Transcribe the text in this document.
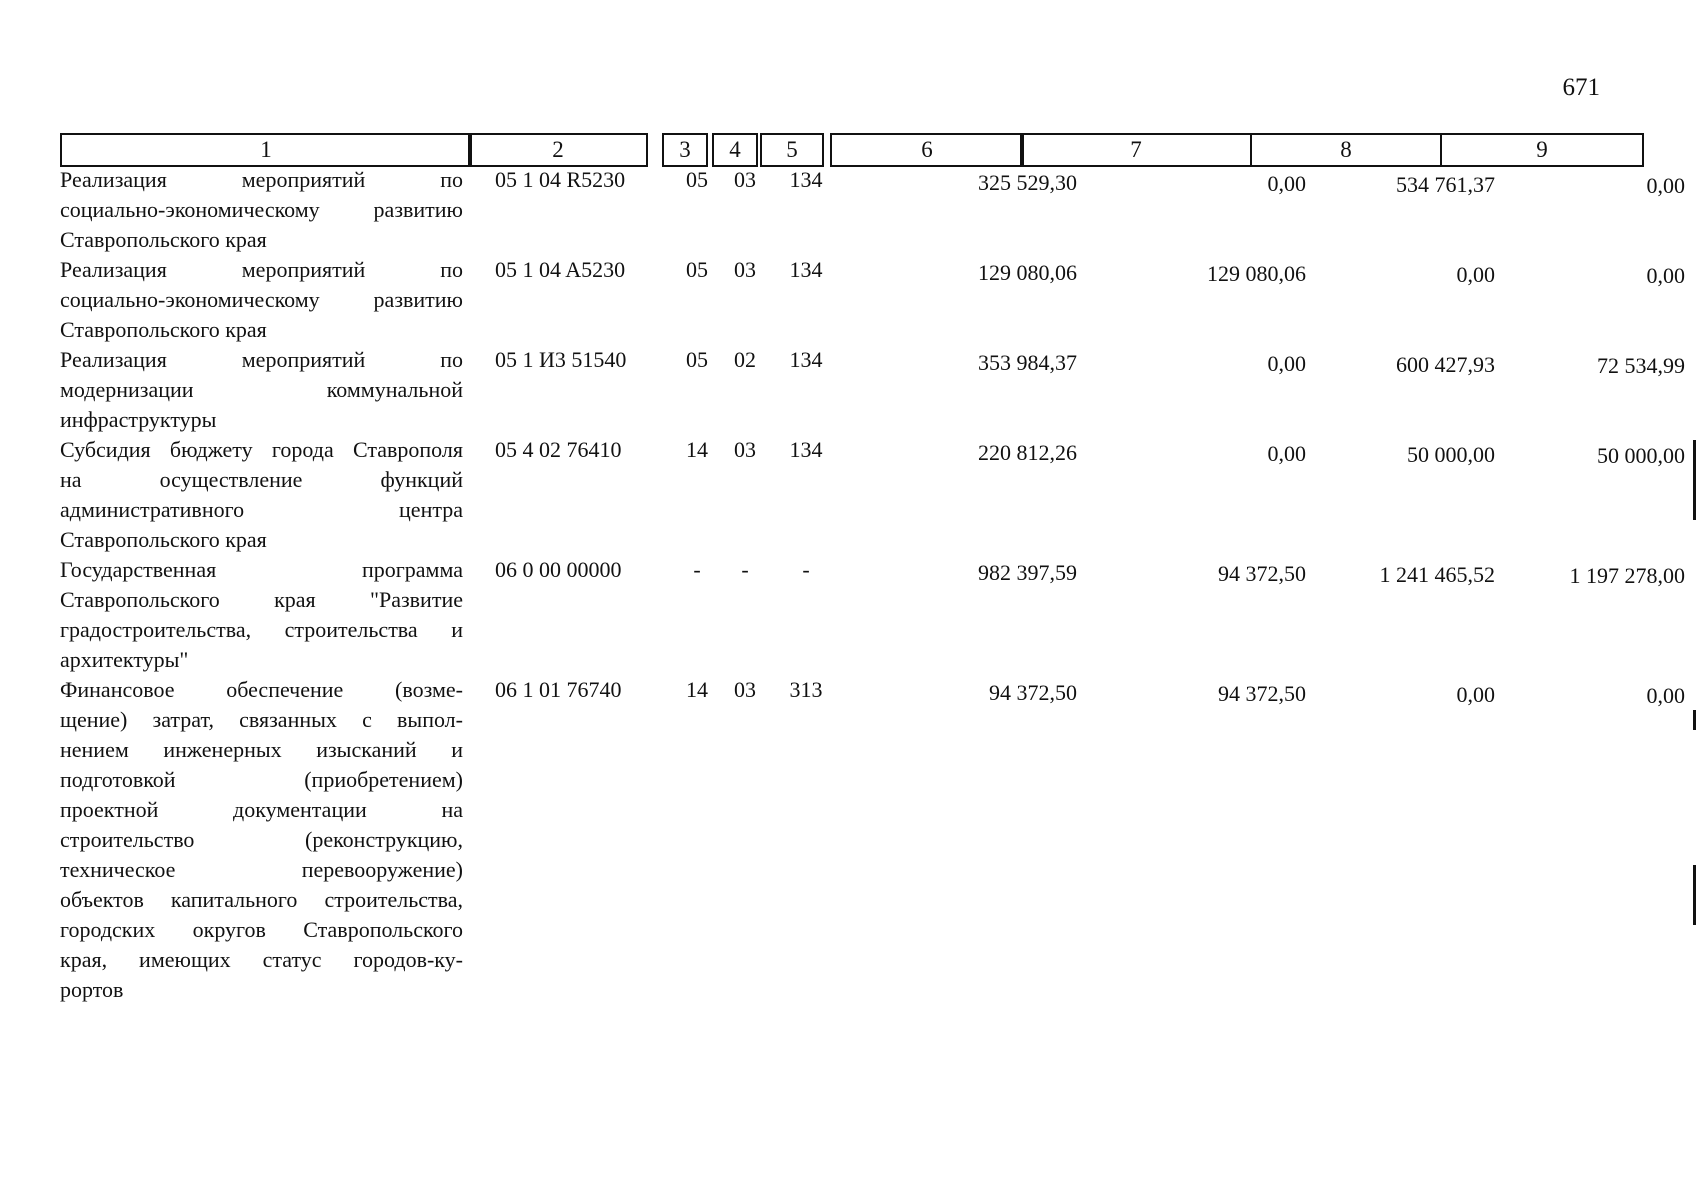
671
1	2	3	4	5	6	7	8	9
Реализация мероприятий по
социально-экономическому развитию
Ставропольского края
05 1 04 R5230	05	03	134	325 529,30	0,00	534 761,37	0,00
Реализация мероприятий по
социально-экономическому развитию
Ставропольского края
05 1 04 A5230	05	03	134	129 080,06	129 080,06	0,00	0,00
Реализация мероприятий по
модернизации коммунальной
инфраструктуры
05 1 И3 51540	05	02	134	353 984,37	0,00	600 427,93	72 534,99
Субсидия бюджету города Ставрополя
на осуществление функций
административного центра
Ставропольского края
05 4 02 76410	14	03	134	220 812,26	0,00	50 000,00	50 000,00
Государственная программа
Ставропольского края "Развитие
градостроительства, строительства и
архитектуры"
06 0 00 00000	-	-	-	982 397,59	94 372,50	1 241 465,52	1 197 278,00
Финансовое обеспечение (возме-
щение) затрат, связанных с выпол-
нением инженерных изысканий и
подготовкой (приобретением)
проектной документации на
строительство (реконструкцию,
техническое перевооружение)
объектов капитального строительства,
городских округов Ставропольского
края, имеющих статус городов-ку-
рортов
06 1 01 76740	14	03	313	94 372,50	94 372,50	0,00	0,00
